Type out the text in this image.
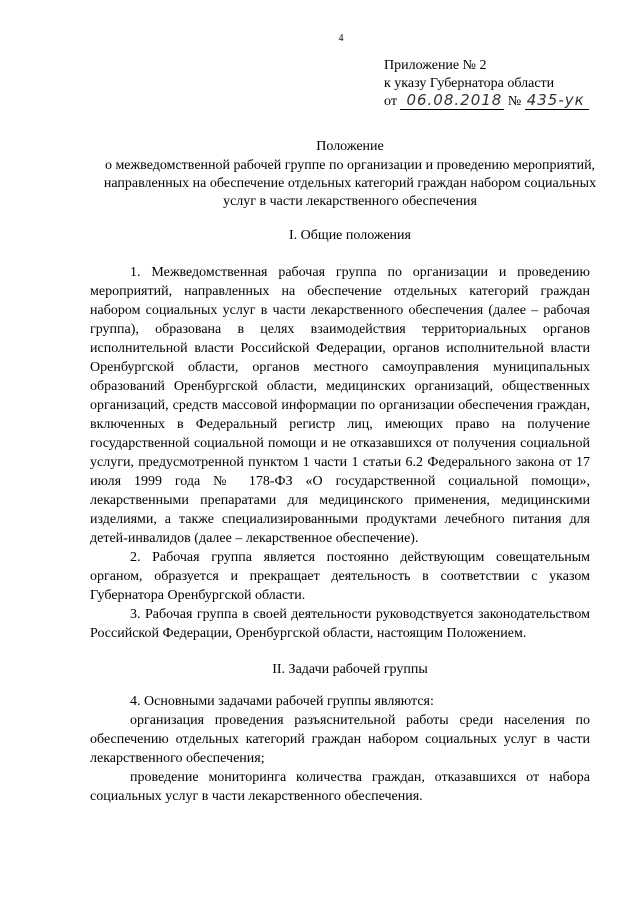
4
Приложение № 2
к указу Губернатора области
от 06.08.2018 № 435-ук
Положение
о межведомственной рабочей группе по организации и проведению мероприятий, направленных на обеспечение отдельных категорий граждан набором социальных услуг в части лекарственного обеспечения
I. Общие положения

1. Межведомственная рабочая группа по организации и проведению мероприятий, направленных на обеспечение отдельных категорий граждан набором социальных услуг в части лекарственного обеспечения (далее – рабочая группа), образована в целях взаимодействия территориальных органов исполнительной власти Российской Федерации, органов исполнительной власти Оренбургской области, органов местного самоуправления муниципальных образований Оренбургской области, медицинских организаций, общественных организаций, средств массовой информации по организации обеспечения граждан, включенных в Федеральный регистр лиц, имеющих право на получение государственной социальной помощи и не отказавшихся от получения социальной услуги, предусмотренной пунктом 1 части 1 статьи 6.2 Федерального закона от 17 июля 1999 года № 178-ФЗ «О государственной социальной помощи», лекарственными препаратами для медицинского применения, медицинскими изделиями, а также специализированными продуктами лечебного питания для детей-инвалидов (далее – лекарственное обеспечение).

2. Рабочая группа является постоянно действующим совещательным органом, образуется и прекращает деятельность в соответствии с указом Губернатора Оренбургской области.

3. Рабочая группа в своей деятельности руководствуется законодательством Российской Федерации, Оренбургской области, настоящим Положением.

II. Задачи рабочей группы

4. Основными задачами рабочей группы являются:

организация проведения разъяснительной работы среди населения по обеспечению отдельных категорий граждан набором социальных услуг в части лекарственного обеспечения;

проведение мониторинга количества граждан, отказавшихся от набора социальных услуг в части лекарственного обеспечения.
